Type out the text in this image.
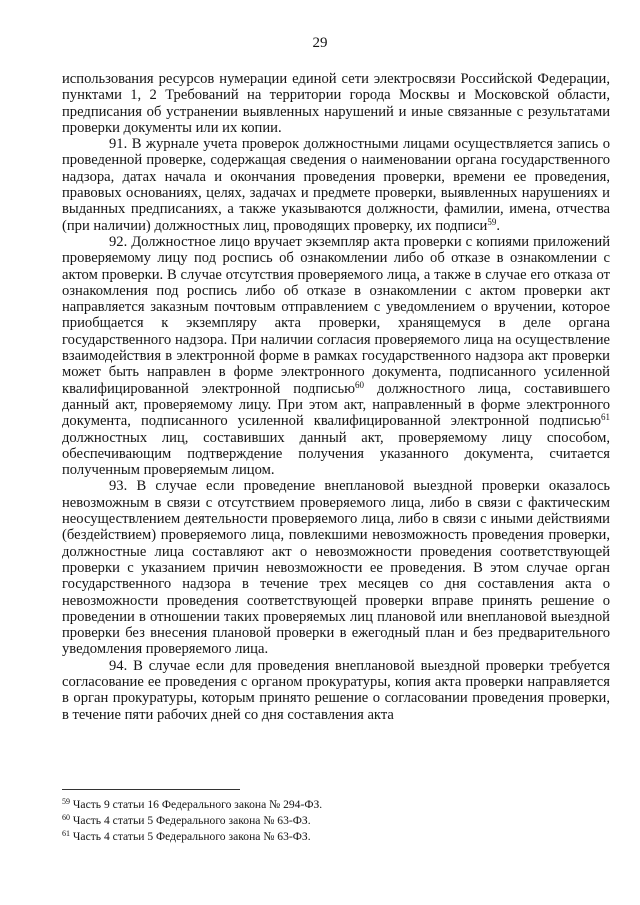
29

использования ресурсов нумерации единой сети электросвязи Российской Федерации, пунктами 1, 2 Требований на территории города Москвы и Московской области, предписания об устранении выявленных нарушений и иные связанные с результатами проверки документы или их копии.

91. В журнале учета проверок должностными лицами осуществляется запись о проведенной проверке, содержащая сведения о наименовании органа государственного надзора, датах начала и окончания проведения проверки, времени ее проведения, правовых основаниях, целях, задачах и предмете проверки, выявленных нарушениях и выданных предписаниях, а также указываются должности, фамилии, имена, отчества (при наличии) должностных лиц, проводящих проверку, их подписи$^{59}$.

92. Должностное лицо вручает экземпляр акта проверки с копиями приложений проверяемому лицу под роспись об ознакомлении либо об отказе в ознакомлении с актом проверки. В случае отсутствия проверяемого лица, а также в случае его отказа от ознакомления под роспись либо об отказе в ознакомлении с актом проверки акт направляется заказным почтовым отправлением с уведомлением о вручении, которое приобщается к экземпляру акта проверки, хранящемуся в деле органа государственного надзора. При наличии согласия проверяемого лица на осуществление взаимодействия в электронной форме в рамках государственного надзора акт проверки может быть направлен в форме электронного документа, подписанного усиленной квалифицированной электронной подписью$^{60}$ должностного лица, составившего данный акт, проверяемому лицу. При этом акт, направленный в форме электронного документа, подписанного усиленной квалифицированной электронной подписью$^{61}$ должностных лиц, составивших данный акт, проверяемому лицу способом, обеспечивающим подтверждение получения указанного документа, считается полученным проверяемым лицом.

93. В случае если проведение внеплановой выездной проверки оказалось невозможным в связи с отсутствием проверяемого лица, либо в связи с фактическим неосуществлением деятельности проверяемого лица, либо в связи с иными действиями (бездействием) проверяемого лица, повлекшими невозможность проведения проверки, должностные лица составляют акт о невозможности проведения соответствующей проверки с указанием причин невозможности ее проведения. В этом случае орган государственного надзора в течение трех месяцев со дня составления акта о невозможности проведения соответствующей проверки вправе принять решение о проведении в отношении таких проверяемых лиц плановой или внеплановой выездной проверки без внесения плановой проверки в ежегодный план и без предварительного уведомления проверяемого лица.

94. В случае если для проведения внеплановой выездной проверки требуется согласование ее проведения с органом прокуратуры, копия акта проверки направляется в орган прокуратуры, которым принято решение о согласовании проведения проверки, в течение пяти рабочих дней со дня составления акта

$^{59}$ Часть 9 статьи 16 Федерального закона № 294-ФЗ.

$^{60}$ Часть 4 статьи 5 Федерального закона № 63-ФЗ.

$^{61}$ Часть 4 статьи 5 Федерального закона № 63-ФЗ.
